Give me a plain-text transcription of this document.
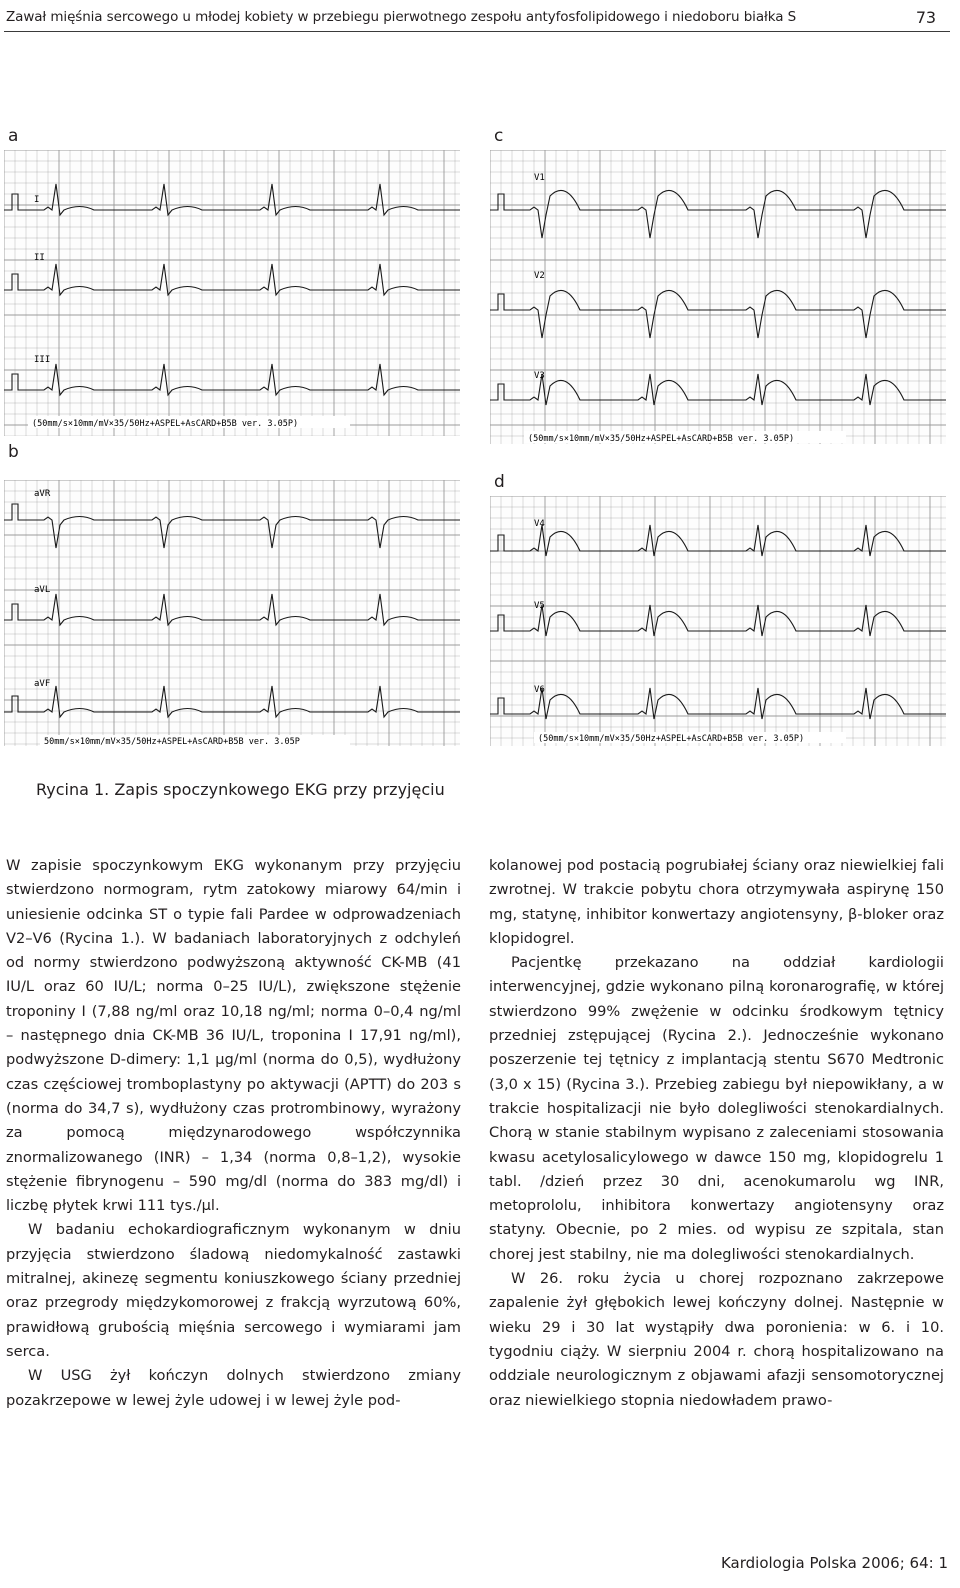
Zawał mięśnia sercowego u młodej kobiety w przebiegu pierwotnego zespołu antyfosfolipidowego i niedoboru białka S	73
a
b
c
d
I
II
III
(50mm/s×10mm/mV×35/50Hz+ASPEL+AsCARD+B5B ver. 3.05P)
aVR
aVL
aVF
50mm/s×10mm/mV×35/50Hz+ASPEL+AsCARD+B5B ver. 3.05P
V1
V2
V3
(50mm/s×10mm/mV×35/50Hz+ASPEL+AsCARD+B5B ver. 3.05P)
V4
V5
V6
(50mm/s×10mm/mV×35/50Hz+ASPEL+AsCARD+B5B ver. 3.05P)
Rycina 1. Zapis spoczynkowego EKG przy przyjęciu

W zapisie spoczynkowym EKG wykonanym przy przyjęciu stwierdzono normogram, rytm zatokowy miarowy 64/min i uniesienie odcinka ST o typie fali Pardee w odprowadzeniach V2–V6 (Rycina 1.). W badaniach laboratoryjnych z odchyleń od normy stwierdzono podwyższoną aktywność CK-MB (41 IU/L oraz 60 IU/L; norma 0–25 IU/L), zwiększone stężenie troponiny I (7,88 ng/ml oraz 10,18 ng/ml; norma 0–0,4 ng/ml – następnego dnia CK-MB 36 IU/L, troponina I 17,91 ng/ml), podwyższone D-dimery: 1,1 μg/ml (norma do 0,5), wydłużony czas częściowej tromboplastyny po aktywacji (APTT) do 203 s (norma do 34,7 s), wydłużony czas protrombinowy, wyrażony za pomocą międzynarodowego współczynnika znormalizowanego (INR) – 1,34 (norma 0,8–1,2), wysokie stężenie fibrynogenu – 590 mg/dl (norma do 383 mg/dl) i liczbę płytek krwi 111 tys./μl.

W badaniu echokardiograficznym wykonanym w dniu przyjęcia stwierdzono śladową niedomykalność zastawki mitralnej, akinezę segmentu koniuszkowego ściany przedniej oraz przegrody międzykomorowej z frakcją wyrzutową 60%, prawidłową grubością mięśnia sercowego i wymiarami jam serca.

W USG żył kończyn dolnych stwierdzono zmiany pozakrzepowe w lewej żyle udowej i w lewej żyle pod-

kolanowej pod postacią pogrubiałej ściany oraz niewielkiej fali zwrotnej. W trakcie pobytu chora otrzymywała aspirynę 150 mg, statynę, inhibitor konwertazy angiotensyny, β-bloker oraz klopidogrel.

Pacjentkę przekazano na oddział kardiologii interwencyjnej, gdzie wykonano pilną koronarografię, w której stwierdzono 99% zwężenie w odcinku środkowym tętnicy przedniej zstępującej (Rycina 2.). Jednocześnie wykonano poszerzenie tej tętnicy z implantacją stentu S670 Medtronic (3,0 x 15) (Rycina 3.). Przebieg zabiegu był niepowikłany, a w trakcie hospitalizacji nie było dolegliwości stenokardialnych. Chorą w stanie stabilnym wypisano z zaleceniami stosowania kwasu acetylosalicylowego w dawce 150 mg, klopidogrelu 1 tabl. /dzień przez 30 dni, acenokumarolu wg INR, metoprololu, inhibitora konwertazy angiotensyny oraz statyny. Obecnie, po 2 mies. od wypisu ze szpitala, stan chorej jest stabilny, nie ma dolegliwości stenokardialnych.

W 26. roku życia u chorej rozpoznano zakrzepowe zapalenie żył głębokich lewej kończyny dolnej. Następnie w wieku 29 i 30 lat wystąpiły dwa poronienia: w 6. i 10. tygodniu ciąży. W sierpniu 2004 r. chorą hospitalizowano na oddziale neurologicznym z objawami afazji sensomotorycznej oraz niewielkiego stopnia niedowładem prawo-

Kardiologia Polska 2006; 64: 1
